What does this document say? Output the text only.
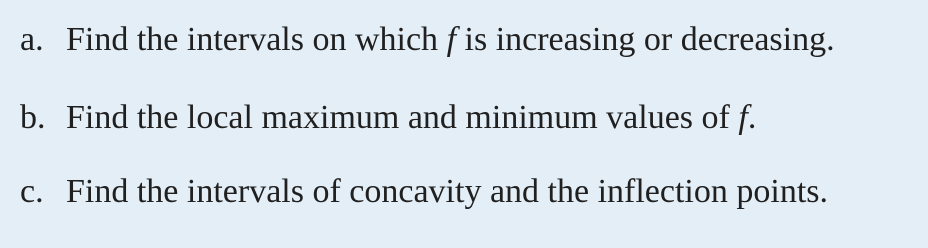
a. Find the intervals on which f is increasing or decreasing.
b. Find the local maximum and minimum values of f.
c. Find the intervals of concavity and the inflection points.
